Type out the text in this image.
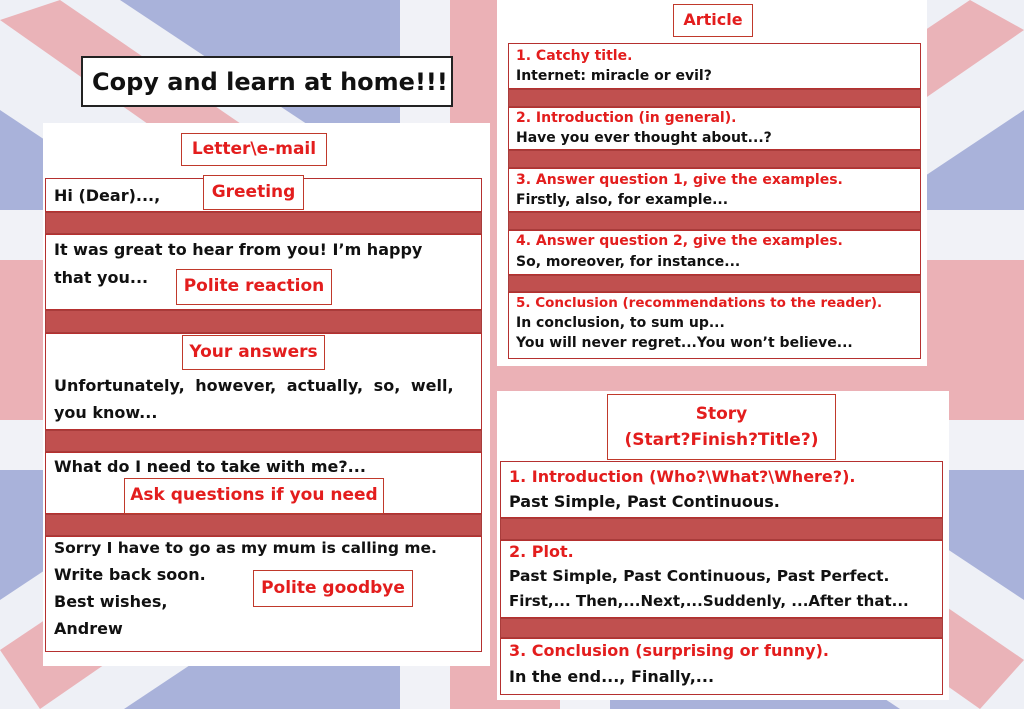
Copy and learn at home!!!
Letter\e-mail
Hi (Dear)...,	Greeting
It was great to hear from you! I’m happy
that you...	Polite reaction
Your answers
Unfortunately, however, actually, so, well,
you know...
What do I need to take with me?...
Ask questions if you need
Sorry I have to go as my mum is calling me.
Write back soon.
Best wishes,
Andrew
Polite goodbye
Article
1. Catchy title.
Internet: miracle or evil?
2. Introduction (in general).
Have you ever thought about...?
3. Answer question 1, give the examples.
Firstly, also, for example...
4. Answer question 2, give the examples.
So, moreover, for instance...
5. Conclusion (recommendations to the reader).
In conclusion, to sum up...
You will never regret...You won’t believe...
Story
(Start?Finish?Title?)
1. Introduction (Who?\What?\Where?).
Past Simple, Past Continuous.
2. Plot.
Past Simple, Past Continuous, Past Perfect.
First,... Then,...Next,...Suddenly, ...After that...
3. Conclusion (surprising or funny).
In the end..., Finally,...
